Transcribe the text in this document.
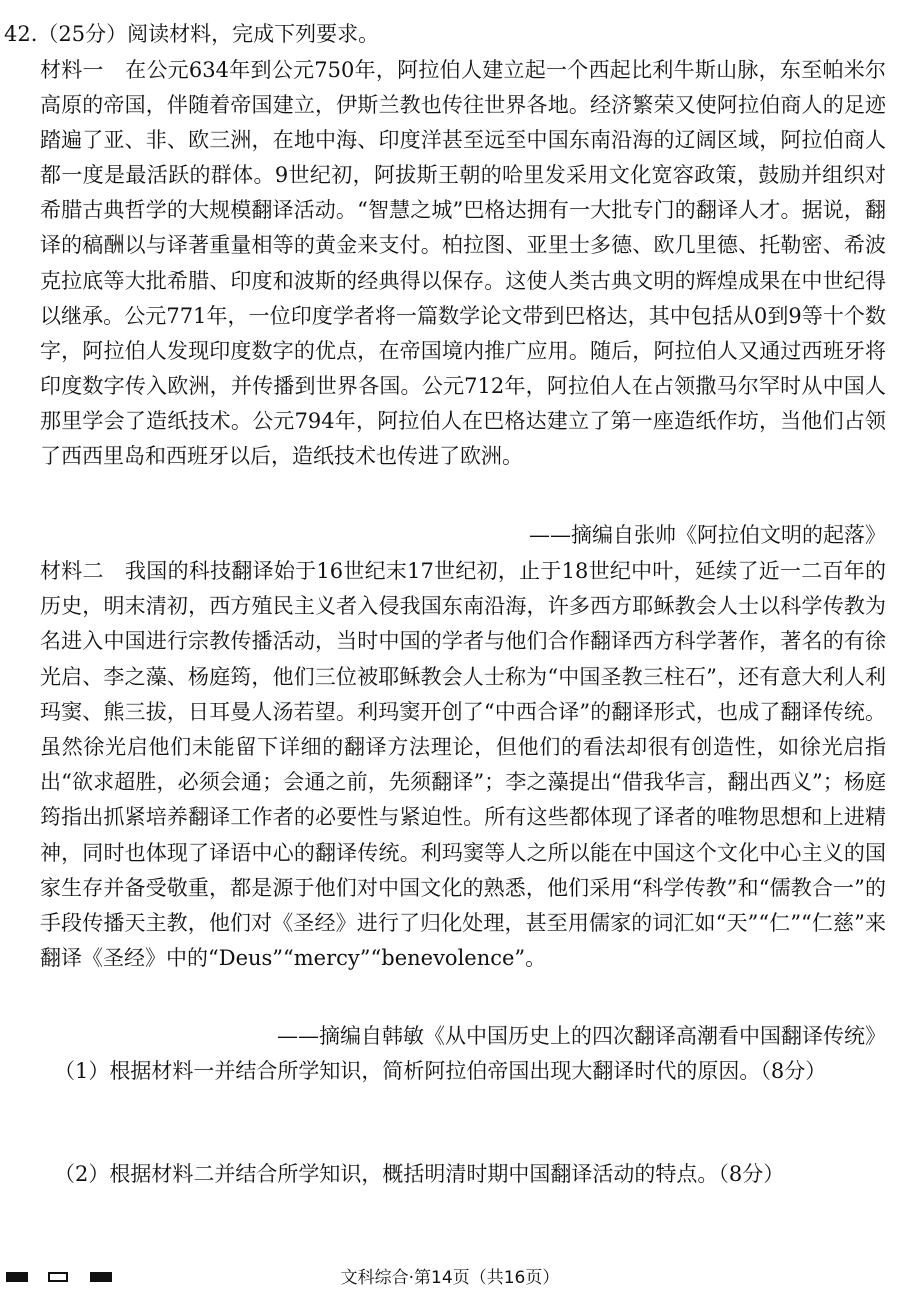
42.（25分）阅读材料，完成下列要求。
材料一　 在公元634年到公元750年，阿拉伯人建立起一个西起比利牛斯山脉，东至帕米尔高原的帝国，伴随着帝国建立，伊斯兰教也传往世界各地。经济繁荣又使阿拉伯商人的足迹踏遍了亚、非、欧三洲，在地中海、印度洋甚至远至中国东南沿海的辽阔区域，阿拉伯商人都一度是最活跃的群体。9世纪初，阿拔斯王朝的哈里发采用文化宽容政策，鼓励并组织对希腊古典哲学的大规模翻译活动。“智慧之城”巴格达拥有一大批专门的翻译人才。据说，翻译的稿酬以与译著重量相等的黄金来支付。柏拉图、亚里士多德、欧几里德、托勒密、希波克拉底等大批希腊、印度和波斯的经典得以保存。这使人类古典文明的辉煌成果在中世纪得以继承。公元771年，一位印度学者将一篇数学论文带到巴格达，其中包括从0到9等十个数字，阿拉伯人发现印度数字的优点，在帝国境内推广应用。随后，阿拉伯人又通过西班牙将印度数字传入欧洲，并传播到世界各国。公元712年，阿拉伯人在占领撒马尔罕时从中国人那里学会了造纸技术。公元794年，阿拉伯人在巴格达建立了第一座造纸作坊，当他们占领了西西里岛和西班牙以后，造纸技术也传进了欧洲。
——摘编自张帅《阿拉伯文明的起落》
材料二　 我国的科技翻译始于16世纪末17世纪初，止于18世纪中叶，延续了近一二百年的历史，明末清初，西方殖民主义者入侵我国东南沿海，许多西方耶稣教会人士以科学传教为名进入中国进行宗教传播活动，当时中国的学者与他们合作翻译西方科学著作，著名的有徐光启、李之藻、杨庭筠，他们三位被耶稣教会人士称为“中国圣教三柱石”，还有意大利人利玛窦、熊三拔，日耳曼人汤若望。利玛窦开创了“中西合译”的翻译形式，也成了翻译传统。虽然徐光启他们未能留下详细的翻译方法理论，但他们的看法却很有创造性，如徐光启指出“欲求超胜，必须会通；会通之前，先须翻译”；李之藻提出“借我华言，翻出西义”；杨庭筠指出抓紧培养翻译工作者的必要性与紧迫性。所有这些都体现了译者的唯物思想和上进精神，同时也体现了译语中心的翻译传统。利玛窦等人之所以能在中国这个文化中心主义的国家生存并备受敬重，都是源于他们对中国文化的熟悉，他们采用“科学传教”和“儒教合一”的手段传播天主教，他们对《圣经》进行了归化处理，甚至用儒家的词汇如“天”“仁”“仁慈”来翻译《圣经》中的“Deus”“mercy”“benevolence”。
——摘编自韩敏《从中国历史上的四次翻译高潮看中国翻译传统》
（1）根据材料一并结合所学知识，简析阿拉伯帝国出现大翻译时代的原因。（8分）
（2）根据材料二并结合所学知识，概括明清时期中国翻译活动的特点。（8分）
文科综合·第14页（共16页）
